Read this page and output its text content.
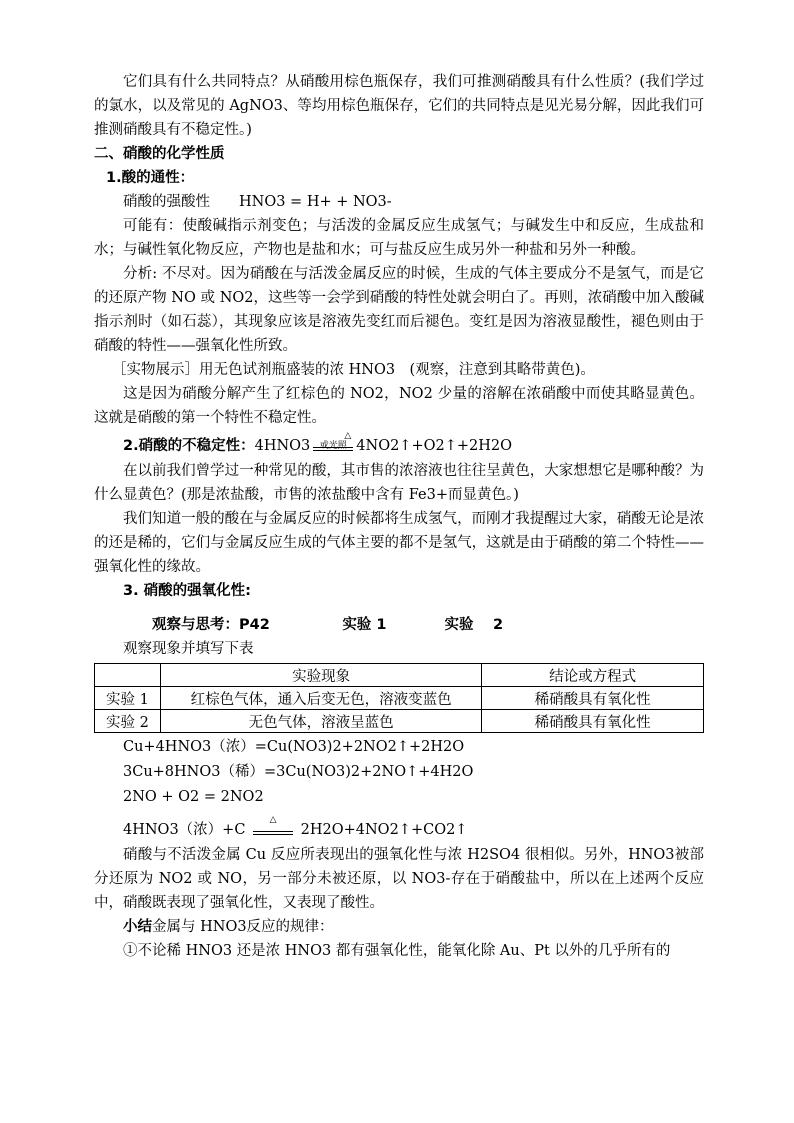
它们具有什么共同特点？从硝酸用棕色瓶保存，我们可推测硝酸具有什么性质？(我们学过的氯水，以及常见的 AgNO3、等均用棕色瓶保存，它们的共同特点是见光易分解，因此我们可推测硝酸具有不稳定性。)

二、硝酸的化学性质

1.酸的通性：

硝酸的强酸性　　 HNO3 = H+ + NO3-

可能有：使酸碱指示剂变色；与活泼的金属反应生成氢气；与碱发生中和反应，生成盐和水；与碱性氧化物反应，产物也是盐和水；可与盐反应生成另外一种盐和另外一种酸。

分析: 不尽对。因为硝酸在与活泼金属反应的时候，生成的气体主要成分不是氢气，而是它的还原产物 NO 或 NO2，这些等一会学到硝酸的特性处就会明白了。再则，浓硝酸中加入酸碱指示剂时（如石蕊），其现象应该是溶液先变红而后褪色。变红是因为溶液显酸性，褪色则由于硝酸的特性——强氧化性所致。

［实物展示］用无色试剂瓶盛装的浓 HNO3　(观察，注意到其略带黄色)。

这是因为硝酸分解产生了红棕色的 NO2，NO2 少量的溶解在浓硝酸中而使其略显黄色。这就是硝酸的第一个特性不稳定性。

2.硝酸的不稳定性：4HNO3
△或光照 4NO2↑+O2↑+2H2O

在以前我们曾学过一种常见的酸，其市售的浓溶液也往往呈黄色，大家想想它是哪种酸？为什么显黄色？(那是浓盐酸，市售的浓盐酸中含有 Fe3+而显黄色。)

我们知道一般的酸在与金属反应的时候都将生成氢气，而刚才我提醒过大家，硝酸无论是浓的还是稀的，它们与金属反应生成的气体主要的都不是氢气，这就是由于硝酸的第二个特性——强氧化性的缘故。

3. 硝酸的强氧化性:

观察与思考：P42　　　	实验 1　　	实验　 2

观察现象并填写下表

	实验现象	结论或方程式
实验 1	红棕色气体，通入后变无色，溶液变蓝色	稀硝酸具有氧化性
实验 2	无色气体，溶液呈蓝色	稀硝酸具有氧化性

Cu+4HNO3（浓）=Cu(NO3)2+2NO2↑+2H2O

3Cu+8HNO3（稀）=3Cu(NO3)2+2NO↑+4H2O

2NO + O2 = 2NO2

4HNO3（浓）+C
△
2H2O+4NO2↑+CO2↑

硝酸与不活泼金属 Cu 反应所表现出的强氧化性与浓 H2SO4 很相似。另外，HNO3被部分还原为 NO2 或 NO，另一部分未被还原，以 NO3-存在于硝酸盐中，所以在上述两个反应中，硝酸既表现了强氧化性，又表现了酸性。

小结金属与 HNO3反应的规律：

①不论稀 HNO3 还是浓 HNO3 都有强氧化性，能氧化除 Au、Pt 以外的几乎所有的
